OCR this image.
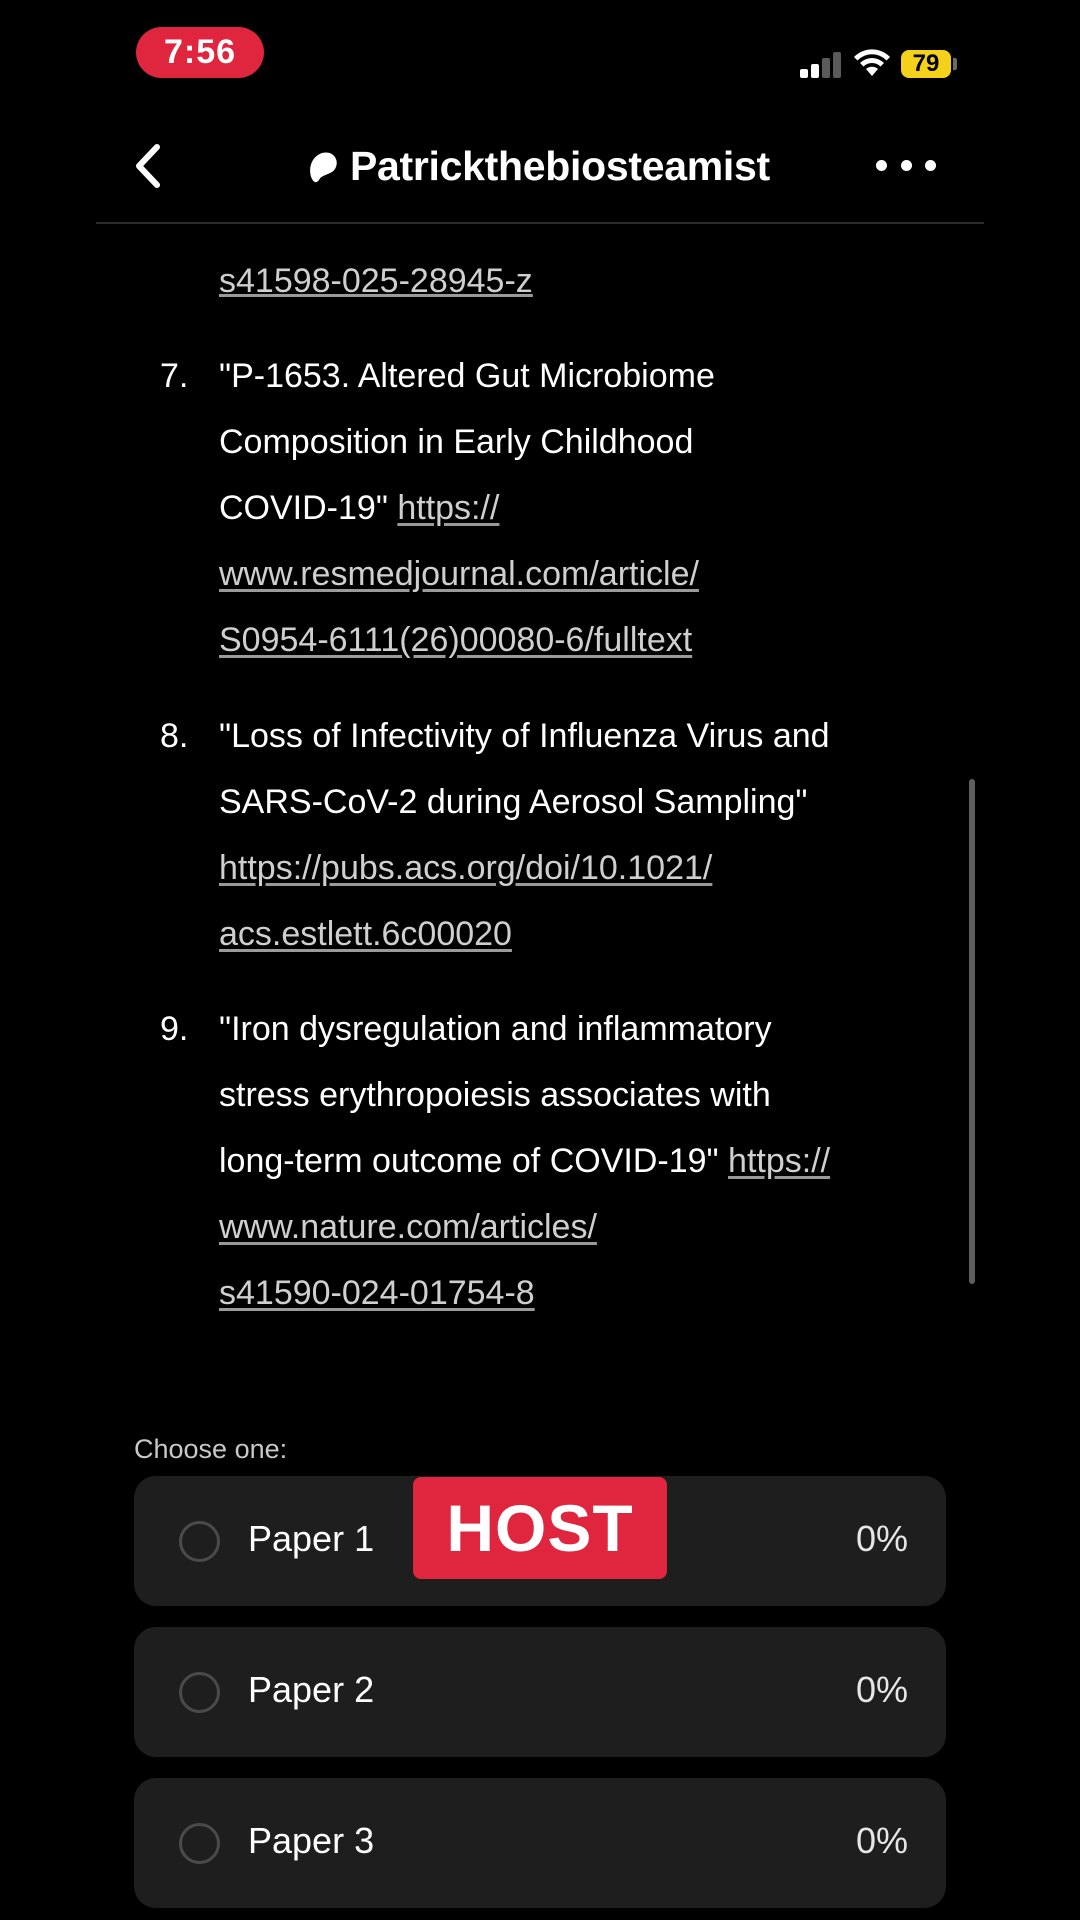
7:56	79
Patrickthebiosteamist
s41598-025-28945-z
7. "P-1653. Altered Gut Microbiome
Composition in Early Childhood
COVID-19" https://
www.resmedjournal.com/article/
S0954-6111(26)00080-6/fulltext
8. "Loss of Infectivity of Influenza Virus and
SARS-CoV-2 during Aerosol Sampling"
https://pubs.acs.org/doi/10.1021/
acs.estlett.6c00020
9. "Iron dysregulation and inflammatory
stress erythropoiesis associates with
long-term outcome of COVID-19" https://
www.nature.com/articles/
s41590-024-01754-8
Choose one:
Paper 1	0%
Paper 2	0%
Paper 3	0%
HOST
